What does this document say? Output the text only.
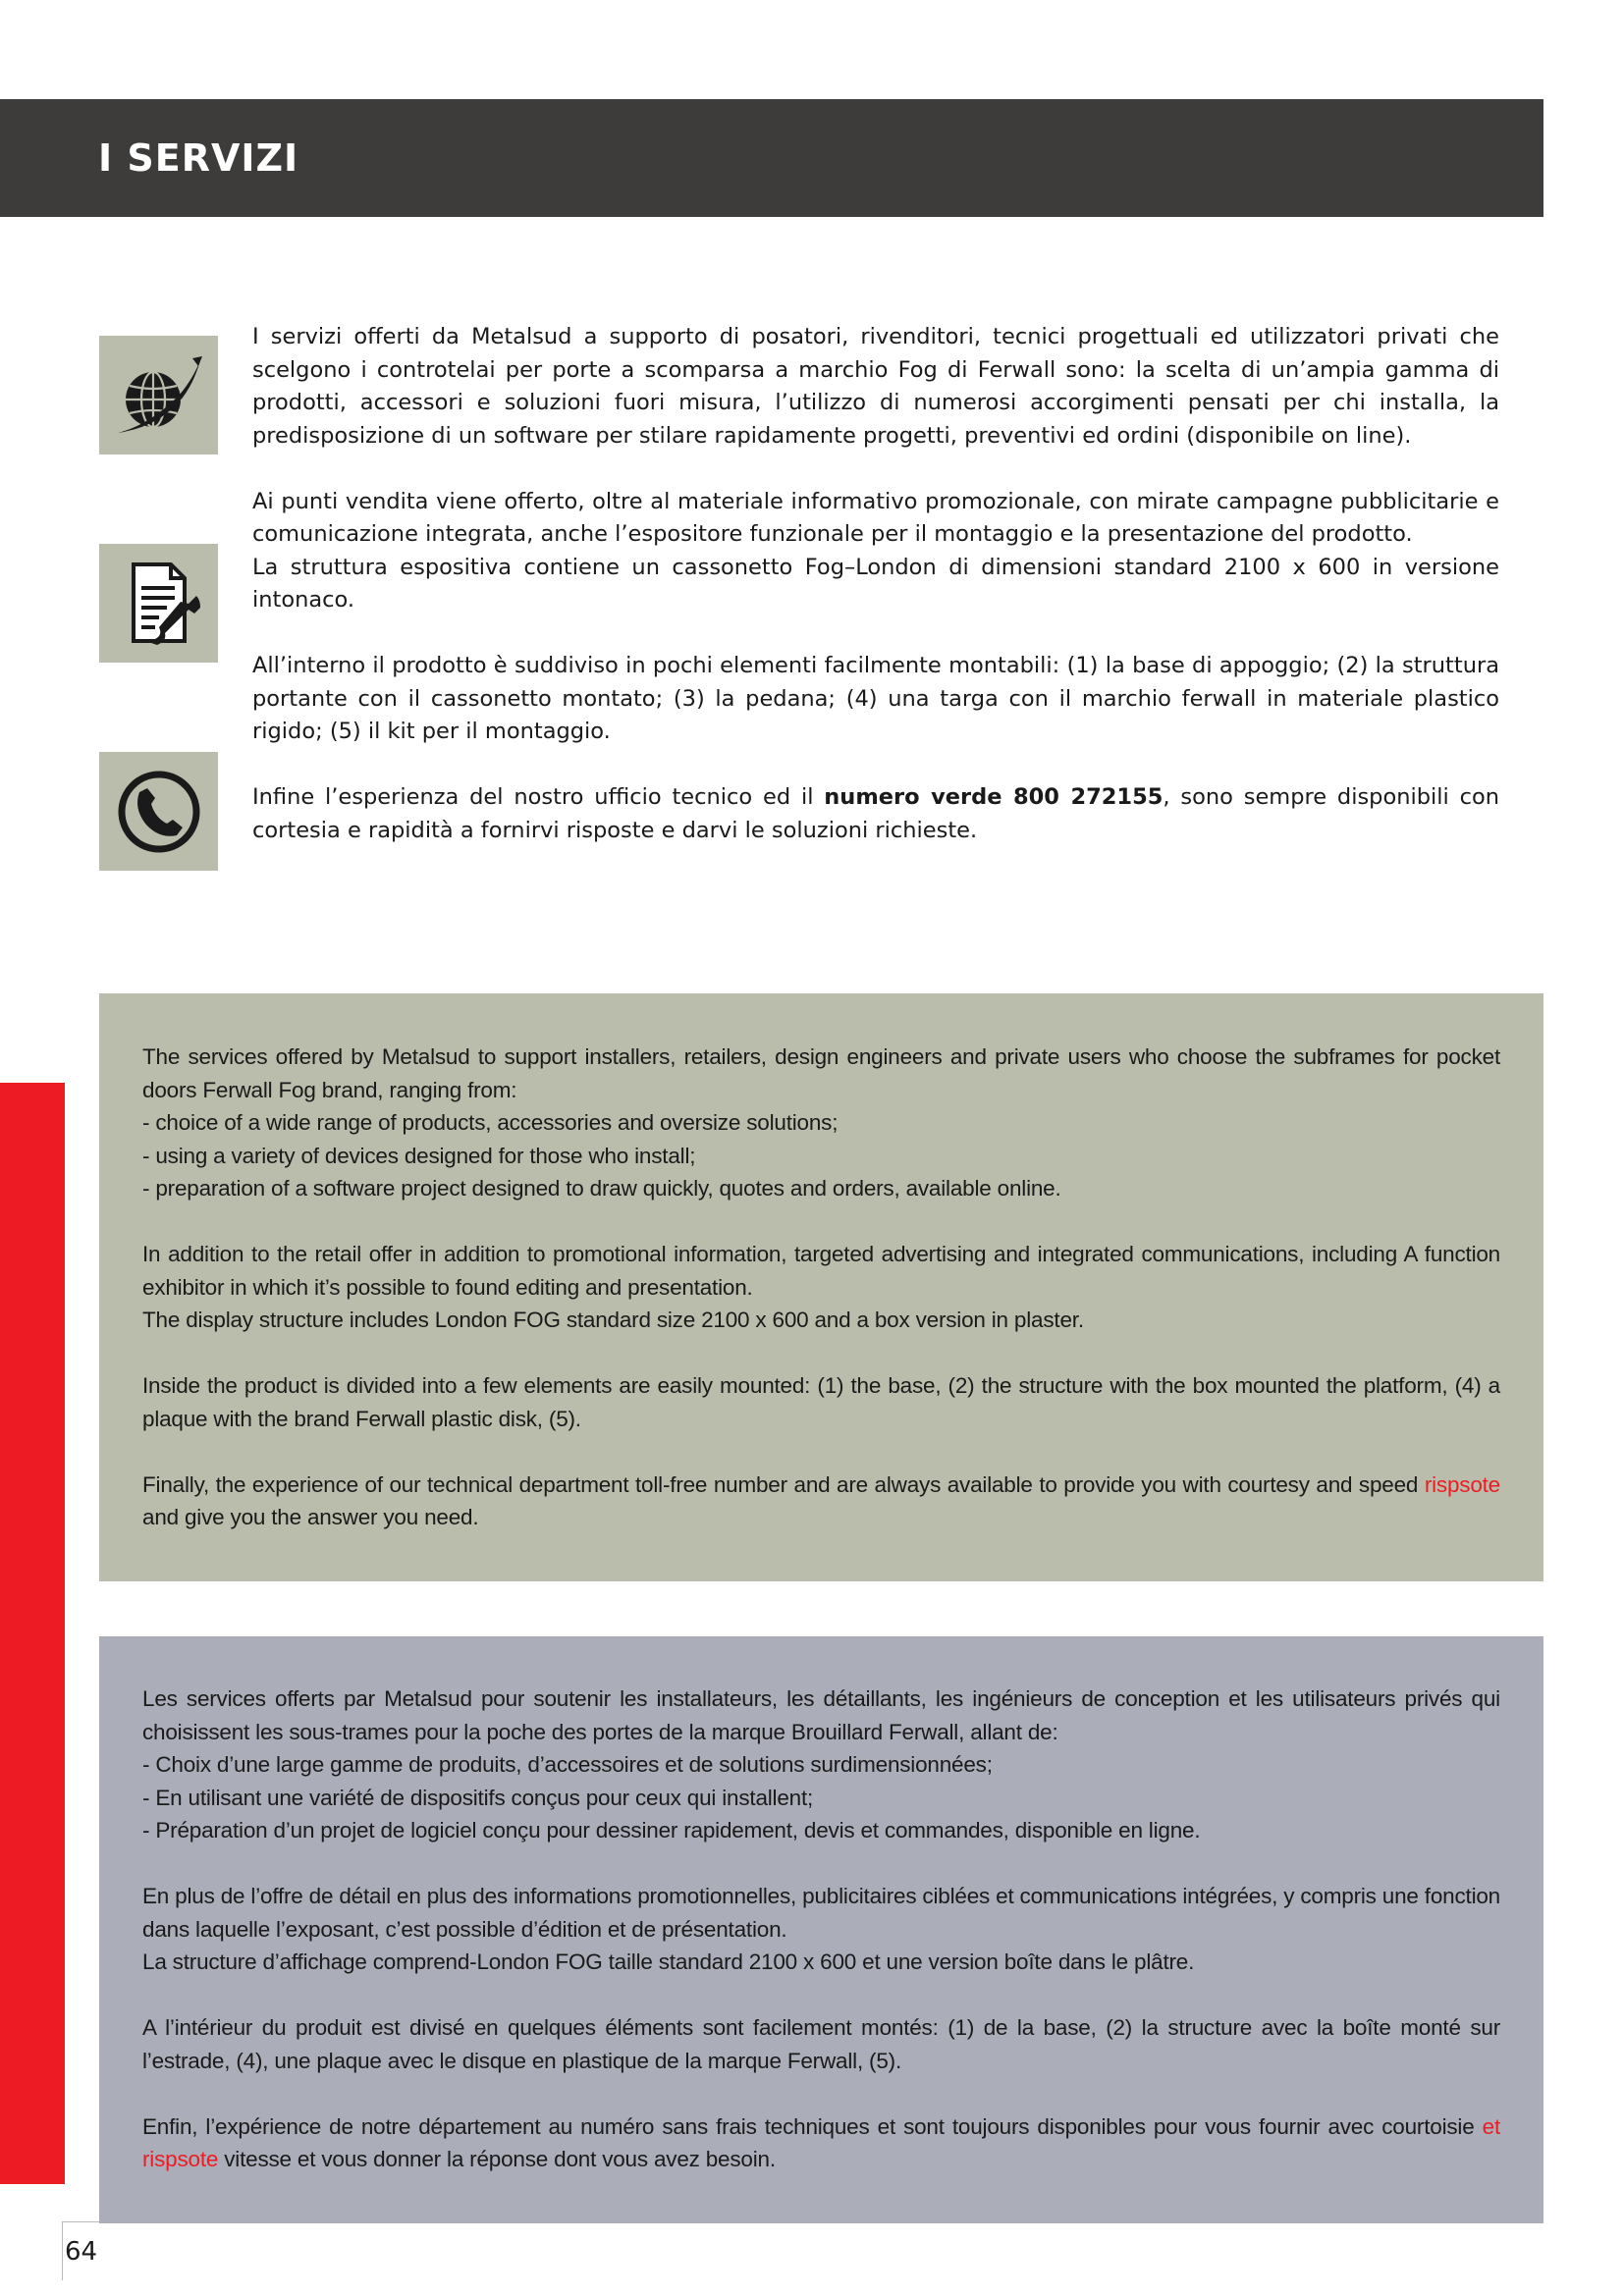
I SERVIZI

I servizi offerti da Metalsud a supporto di posatori, rivenditori, tecnici progettuali ed utilizzatori privati che scelgono i controtelai per porte a scomparsa a marchio Fog di Ferwall sono: la scelta di un’ampia gamma di prodotti, accessori e soluzioni fuori misura, l’utilizzo di numerosi accorgimenti pensati per chi installa, la predisposizione di un software per stilare rapidamente progetti, preventivi ed ordini (disponibile on line).

Ai punti vendita viene offerto, oltre al materiale informativo promozionale, con mirate campagne pubblicitarie e comunicazione integrata, anche l’espositore funzionale per il montaggio e la presentazione del prodotto.

La struttura espositiva contiene un cassonetto Fog–London di dimensioni standard 2100 x 600 in versione intonaco.

All’interno il prodotto è suddiviso in pochi elementi facilmente montabili: (1) la base di appoggio; (2) la struttura portante con il cassonetto montato; (3) la pedana; (4) una targa con il marchio ferwall in materiale plastico rigido; (5) il kit per il montaggio.

Infine l’esperienza del nostro ufficio tecnico ed il numero verde 800 272155, sono sempre disponibili con cortesia e rapidità a fornirvi risposte e darvi le soluzioni richieste.

The services offered by Metalsud to support installers, retailers, design engineers and private users who choose the subframes for pocket doors Ferwall Fog brand, ranging from:
- choice of a wide range of products, accessories and oversize solutions;
- using a variety of devices designed for those who install;
- preparation of a software project designed to draw quickly, quotes and orders, available online.

In addition to the retail offer in addition to promotional information, targeted advertising and integrated communications, including A function exhibitor in which it’s possible to found editing and presentation.

The display structure includes London FOG standard size 2100 x 600 and a box version in plaster.

Inside the product is divided into a few elements are easily mounted: (1) the base, (2) the structure with the box mounted the platform, (4) a plaque with the brand Ferwall plastic disk, (5).

Finally, the experience of our technical department toll-free number and are always available to provide you with courtesy and speed rispsote and give you the answer you need.

Les services offerts par Metalsud pour soutenir les installateurs, les détaillants, les ingénieurs de conception et les utilisateurs privés qui choisissent les sous-trames pour la poche des portes de la marque Brouillard Ferwall, allant de:
- Choix d’une large gamme de produits, d’accessoires et de solutions surdimensionnées;
- En utilisant une variété de dispositifs conçus pour ceux qui installent;
- Préparation d’un projet de logiciel conçu pour dessiner rapidement, devis et commandes, disponible en ligne.

En plus de l’offre de détail en plus des informations promotionnelles, publicitaires ciblées et communications intégrées, y compris une fonction dans laquelle l’exposant, c’est possible d’édition et de présentation.

La structure d’affichage comprend-London FOG taille standard 2100 x 600 et une version boîte dans le plâtre.

A l’intérieur du produit est divisé en quelques éléments sont facilement montés: (1) de la base, (2) la structure avec la boîte monté sur l’estrade, (4), une plaque avec le disque en plastique de la marque Ferwall, (5).

Enfin, l’expérience de notre département au numéro sans frais techniques et sont toujours disponibles pour vous fournir avec courtoisie et rispsote vitesse et vous donner la réponse dont vous avez besoin.

64
